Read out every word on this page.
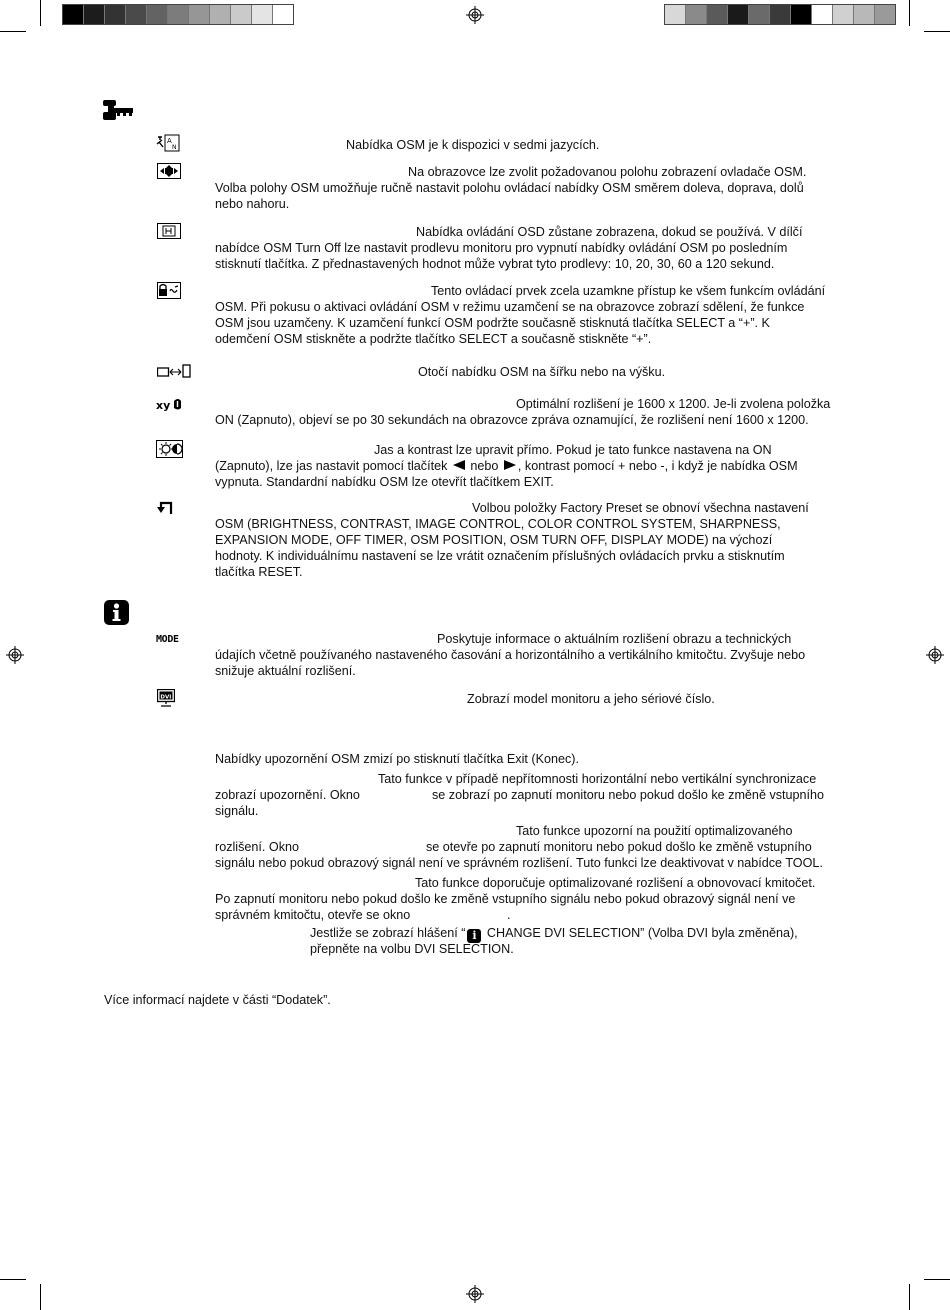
A
N	Nabídka OSM je k dispozici v sedmi jazycích.
Na obrazovce lze zvolit požadovanou polohu zobrazení ovladače OSM.
Volba polohy OSM umožňuje ručně nastavit polohu ovládací nabídky OSM směrem doleva, doprava, dolů
nebo nahoru.
Nabídka ovládání OSD zůstane zobrazena, dokud se používá. V dílčí
nabídce OSM Turn Off lze nastavit prodlevu monitoru pro vypnutí nabídky ovládání OSM po posledním
stisknutí tlačítka. Z přednastavených hodnot může vybrat tyto prodlevy: 10, 20, 30, 60 a 120 sekund.
Tento ovládací prvek zcela uzamkne přístup ke všem funkcím ovládání
OSM. Při pokusu o aktivaci ovládání OSM v režimu uzamčení se na obrazovce zobrazí sdělení, že funkce
OSM jsou uzamčeny. K uzamčení funkcí OSM podržte současně stisknutá tlačítka SELECT a “+”. K
odemčení OSM stiskněte a podržte tlačítko SELECT a současně stiskněte “+”.
Otočí nabídku OSM na šířku nebo na výšku.
xy	Optimální rozlišení je 1600 x 1200. Je-li zvolena položka
ON (Zapnuto), objeví se po 30 sekundách na obrazovce zpráva oznamující, že rozlišení není 1600 x 1200.
Jas a kontrast lze upravit přímo. Pokud je tato funkce nastavena na ON
(Zapnuto), lze jas nastavit pomocí tlačítek nebo , kontrast pomocí + nebo -, i když je nabídka OSM
vypnuta. Standardní nabídku OSM lze otevřít tlačítkem EXIT.
Volbou položky Factory Preset se obnoví všechna nastavení
OSM (BRIGHTNESS, CONTRAST, IMAGE CONTROL, COLOR CONTROL SYSTEM, SHARPNESS,
EXPANSION MODE, OFF TIMER, OSM POSITION, OSM TURN OFF, DISPLAY MODE) na výchozí
hodnoty. K individuálnímu nastavení se lze vrátit označením příslušných ovládacích prvku a stisknutím
tlačítka RESET.
MODE	Poskytuje informace o aktuálním rozlišení obrazu a technických
údajích včetně používaného nastaveného časování a horizontálního a vertikálního kmitočtu. Zvyšuje nebo
snižuje aktuální rozlišení.
DVI	Zobrazí model monitoru a jeho sériové číslo.
Nabídky upozornění OSM zmizí po stisknutí tlačítka Exit (Konec).
Tato funkce v případě nepřítomnosti horizontální nebo vertikální synchronizace
zobrazí upozornění. Okno	se zobrazí po zapnutí monitoru nebo pokud došlo ke změně vstupního
signálu.
Tato funkce upozorní na použití optimalizovaného
rozlišení. Okno	se otevře po zapnutí monitoru nebo pokud došlo ke změně vstupního
signálu nebo pokud obrazový signál není ve správném rozlišení. Tuto funkci lze deaktivovat v nabídce TOOL.
Tato funkce doporučuje optimalizované rozlišení a obnovovací kmitočet.
Po zapnutí monitoru nebo pokud došlo ke změně vstupního signálu nebo pokud obrazový signál není ve
správném kmitočtu, otevře se okno	.
Jestliže se zobrazí hlášení “ i CHANGE DVI SELECTION” (Volba DVI byla změněna),
přepněte na volbu DVI SELECTION.
Více informací najdete v části “Dodatek”.
